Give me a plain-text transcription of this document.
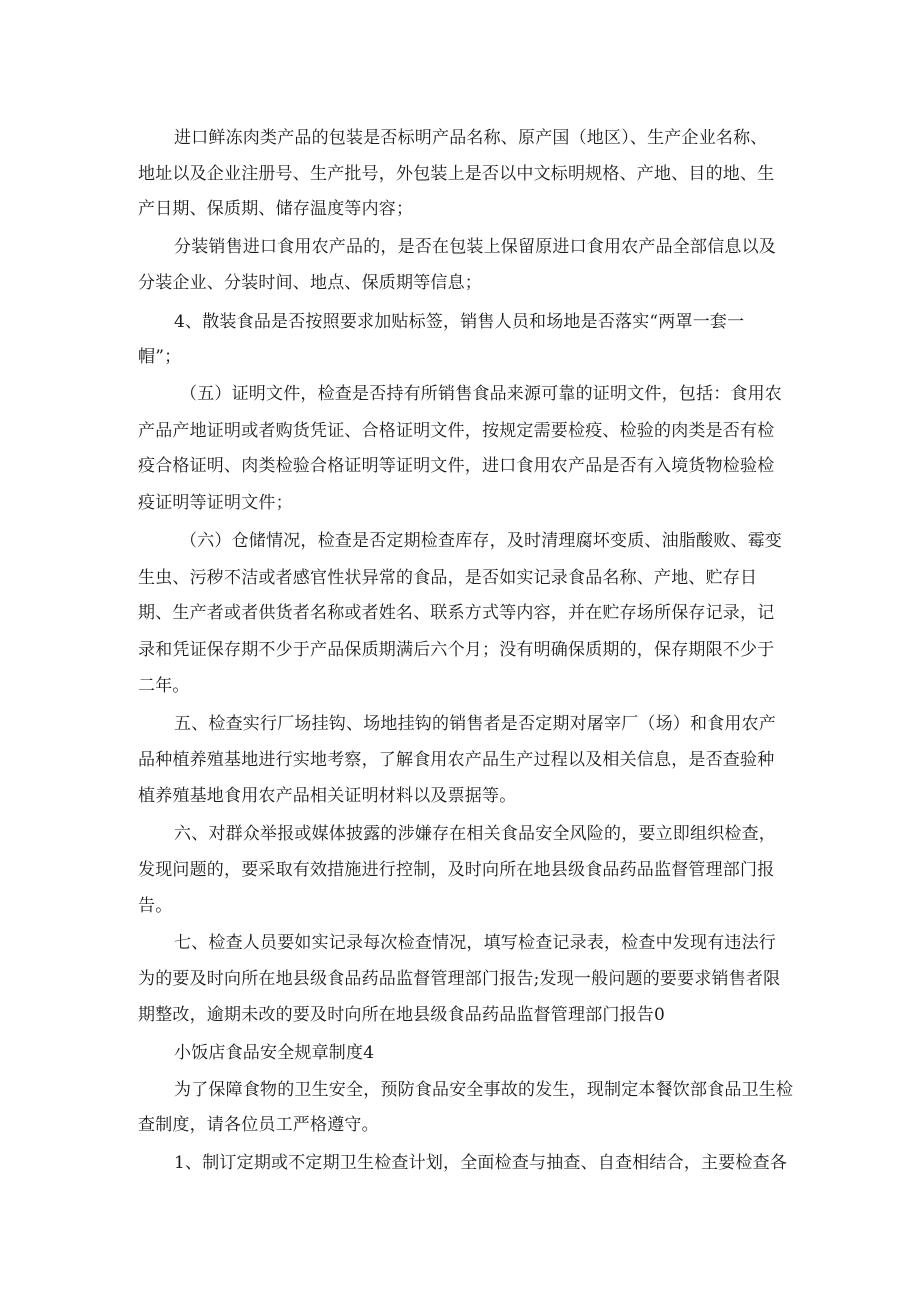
进口鲜冻肉类产品的包装是否标明产品名称、原产国（地区）、生产企业名称、
地址以及企业注册号、生产批号，外包装上是否以中文标明规格、产地、目的地、生
产日期、保质期、储存温度等内容；
分装销售进口食用农产品的，是否在包装上保留原进口食用农产品全部信息以及
分装企业、分装时间、地点、保质期等信息；
4、散装食品是否按照要求加贴标签，销售人员和场地是否落实“两罩一套一
帽”；
（五）证明文件，检查是否持有所销售食品来源可靠的证明文件，包括：食用农
产品产地证明或者购货凭证、合格证明文件，按规定需要检疫、检验的肉类是否有检
疫合格证明、肉类检验合格证明等证明文件，进口食用农产品是否有入境货物检验检
疫证明等证明文件；
（六）仓储情况，检查是否定期检查库存，及时清理腐坏变质、油脂酸败、霉变
生虫、污秽不洁或者感官性状异常的食品，是否如实记录食品名称、产地、贮存日
期、生产者或者供货者名称或者姓名、联系方式等内容，并在贮存场所保存记录，记
录和凭证保存期不少于产品保质期满后六个月；没有明确保质期的，保存期限不少于
二年。
五、检查实行厂场挂钩、场地挂钩的销售者是否定期对屠宰厂（场）和食用农产
品种植养殖基地进行实地考察，了解食用农产品生产过程以及相关信息，是否查验种
植养殖基地食用农产品相关证明材料以及票据等。
六、对群众举报或媒体披露的涉嫌存在相关食品安全风险的，要立即组织检查，
发现问题的，要采取有效措施进行控制，及时向所在地县级食品药品监督管理部门报
告。
七、检查人员要如实记录每次检查情况，填写检查记录表，检查中发现有违法行
为的要及时向所在地县级食品药品监督管理部门报告;发现一般问题的要要求销售者限
期整改，逾期未改的要及时向所在地县级食品药品监督管理部门报告0
小饭店食品安全规章制度4
为了保障食物的卫生安全，预防食品安全事故的发生，现制定本餐饮部食品卫生检
查制度，请各位员工严格遵守。
1、制订定期或不定期卫生检查计划，全面检查与抽查、自查相结合，主要检查各
